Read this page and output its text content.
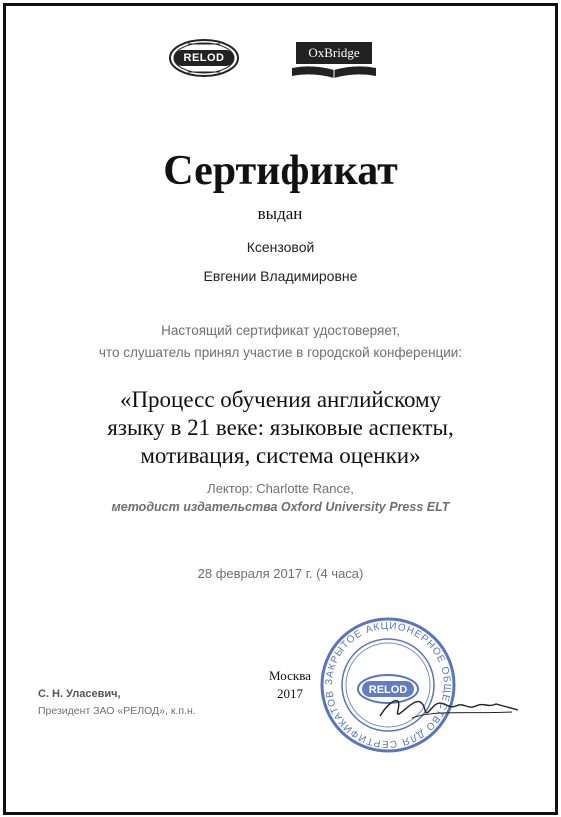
RELOD	OxBridge
Сертификат
выдан
Ксензовой
Евгении Владимировне
Настоящий сертификат удостоверяет,
что слушатель принял участие в городской конференции:
«Процесс обучения английскому
языку в 21 веке: языковые аспекты,
мотивация, система оценки»
Лектор: Charlotte Rance,
методист издательства Oxford University Press ELT
28 февраля 2017 г. (4 часа)
Москва
2017
С. Н. Уласевич,
Президент ЗАО «РЕЛОД», к.п.н.
ЗАКРЫТОЕ АКЦИОНЕРНОЕ ОБЩЕСТВО ДЛЯ СЕРТИФИКАТОВ	RELOD
